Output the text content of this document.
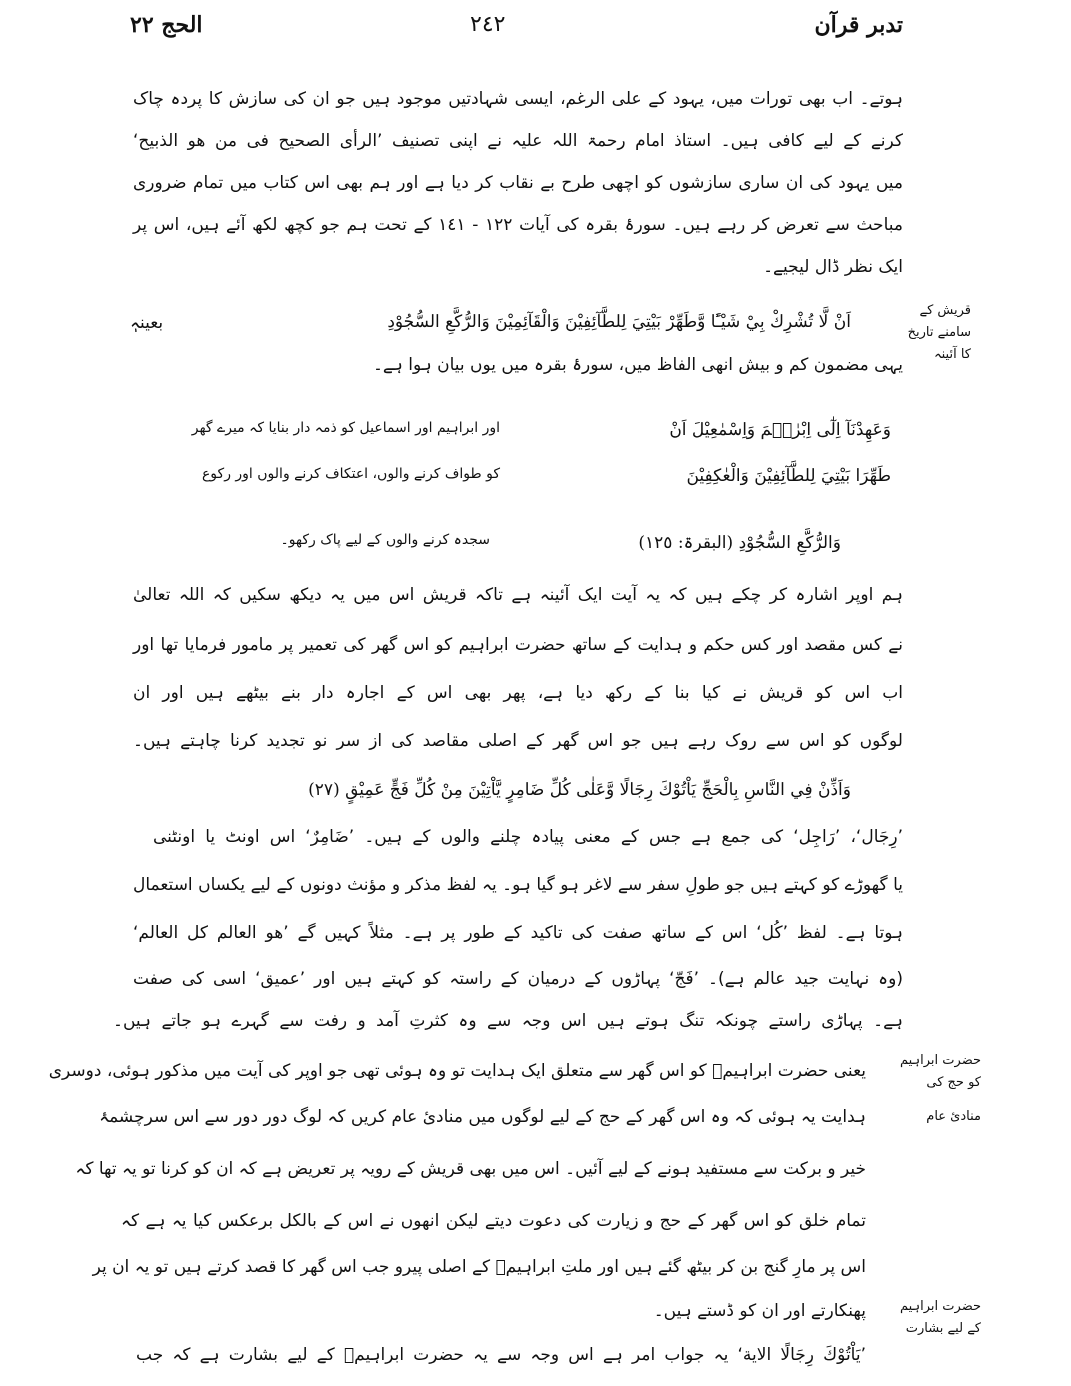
الحج ٢٢	٢٤٢	تدبر قرآن
ہوتے۔ اب بھی تورات میں، یہود کے علی الرغم، ایسی شہادتیں موجود ہیں جو ان کی سازش کا پردہ چاک
کرنے کے لیے کافی ہیں۔ استاذ امام رحمۃ اللہ علیہ نے اپنی تصنیف ’الرأی الصحیح فی من ھو الذبیح‘
میں یہود کی ان ساری سازشوں کو اچھی طرح بے نقاب کر دیا ہے اور ہم بھی اس کتاب میں تمام ضروری
مباحث سے تعرض کر رہے ہیں۔ سورۂ بقرہ کی آیات ١٢٢ - ١٤١ کے تحت ہم جو کچھ لکھ آئے ہیں، اس پر
ایک نظر ڈال لیجیے۔
قریش کے
سامنے تاریخ
کا آئینہ
اَنْ لَّا تُشْرِكْ بِيْ شَيْـًٔا وَّطَهِّرْ بَيْتِيَ لِلطَّآئِفِيْنَ وَالْقَآئِمِيْنَ وَالرُّكَّعِ السُّجُوْدِ
بعینہٖ
یہی مضمون کم و بیش انھی الفاظ میں، سورۂ بقرہ میں یوں بیان ہوا ہے۔
وَعَهِدْنَآ اِلٰٓى اِبْرٰهٖمَ وَاِسْمٰعِيْلَ اَنْ
اور ابراہیم اور اسماعیل کو ذمہ دار بنایا کہ میرے گھر
طَهِّرَا بَيْتِيَ لِلطَّآئِفِيْنَ وَالْعٰكِفِيْنَ
کو طواف کرنے والوں، اعتکاف کرنے والوں اور رکوع
وَالرُّكَّعِ السُّجُوْدِ (البقرۃ: ١٢٥)
سجدہ کرنے والوں کے لیے پاک رکھو۔
ہم اوپر اشارہ کر چکے ہیں کہ یہ آیت ایک آئینہ ہے تاکہ قریش اس میں یہ دیکھ سکیں کہ اللہ تعالیٰ
نے کس مقصد اور کس حکم و ہدایت کے ساتھ حضرت ابراہیم کو اس گھر کی تعمیر پر مامور فرمایا تھا اور
اب اس کو قریش نے کیا بنا کے رکھ دیا ہے، پھر بھی اس کے اجارہ دار بنے بیٹھے ہیں اور ان
لوگوں کو اس سے روک رہے ہیں جو اس گھر کے اصلی مقاصد کی از سر نو تجدید کرنا چاہتے ہیں۔
وَاَذِّنْ فِي النَّاسِ بِالْحَجِّ يَاْتُوْكَ رِجَالًا وَّعَلٰى كُلِّ ضَامِرٍ يَّاْتِيْنَ مِنْ كُلِّ فَجٍّ عَمِيْقٍ (٢٧)
’رِجَال‘، ’رَاجِل‘ کی جمع ہے جس کے معنی پیادہ چلنے والوں کے ہیں۔ ’ضَامِرٌ‘ اس اونٹ یا اونٹنی
یا گھوڑے کو کہتے ہیں جو طولِ سفر سے لاغر ہو گیا ہو۔ یہ لفظ مذکر و مؤنث دونوں کے لیے یکساں استعمال
ہوتا ہے۔ لفظ ’کُل‘ اس کے ساتھ صفت کی تاکید کے طور پر ہے۔ مثلاً کہیں گے ’ھو العالم کل العالم‘
(وہ نہایت جید عالم ہے)۔ ’فَجّ‘ پہاڑوں کے درمیان کے راستہ کو کہتے ہیں اور ’عمیق‘ اسی کی صفت
ہے۔ پہاڑی راستے چونکہ تنگ ہوتے ہیں اس وجہ سے وہ کثرتِ آمد و رفت سے گہرے ہو جاتے ہیں۔
حضرت ابراہیم
کو حج کی
منادیٔ عام
یعنی حضرت ابراہیمؑ کو اس گھر سے متعلق ایک ہدایت تو وہ ہوئی تھی جو اوپر کی آیت میں مذکور ہوئی، دوسری
ہدایت یہ ہوئی کہ وہ اس گھر کے حج کے لیے لوگوں میں منادیٔ عام کریں کہ لوگ دور دور سے اس سرچشمۂ
خیر و برکت سے مستفید ہونے کے لیے آئیں۔ اس میں بھی قریش کے رویہ پر تعریض ہے کہ ان کو کرنا تو یہ تھا کہ
تمام خلق کو اس گھر کے حج و زیارت کی دعوت دیتے لیکن انھوں نے اس کے بالکل برعکس کیا یہ ہے کہ
اس پر مارِ گنج بن کر بیٹھ گئے ہیں اور ملتِ ابراہیمؑ کے اصلی پیرو جب اس گھر کا قصد کرتے ہیں تو یہ ان پر
پھنکارتے اور ان کو ڈستے ہیں۔	حضرت ابراہیم
کے لیے بشارت
’يَاْتُوْكَ رِجَالًا الاية‘ یہ جواب امر ہے اس وجہ سے یہ حضرت ابراہیمؑ کے لیے بشارت ہے کہ جب
